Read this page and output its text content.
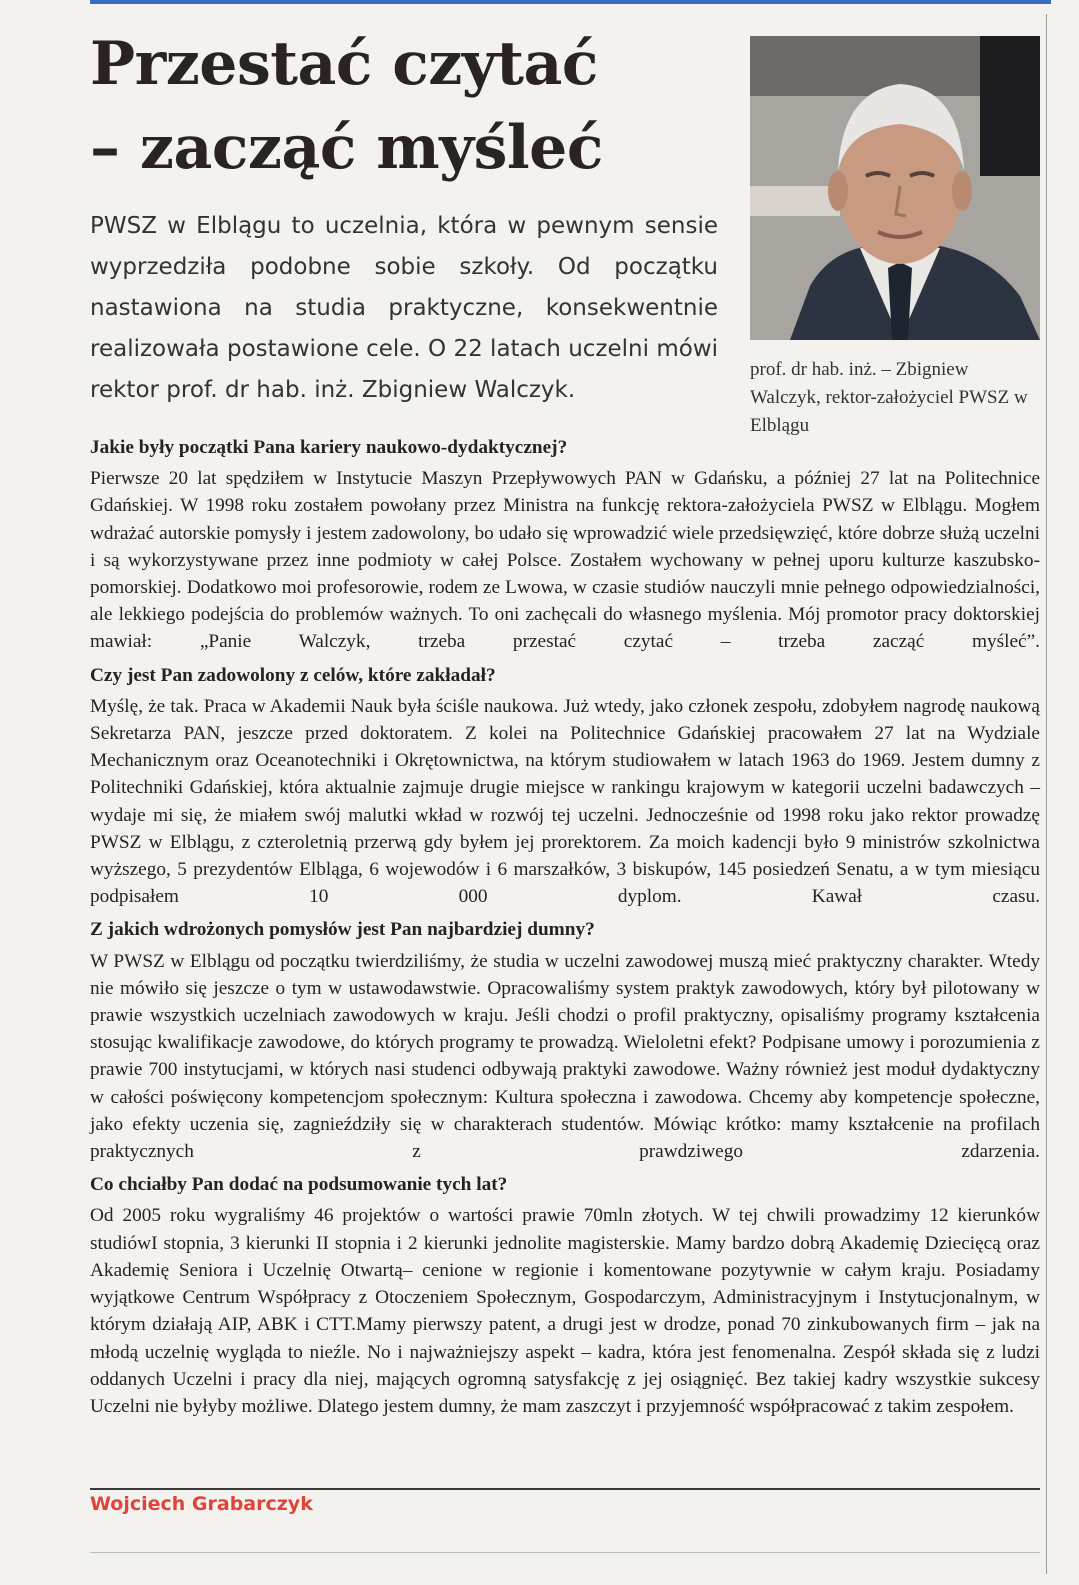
Przestać czytać
– zacząć myśleć

PWSZ w Elblągu to uczelnia, która w pewnym sensie wyprzedziła podobne sobie szkoły. Od początku nastawiona na studia praktyczne, konsekwentnie realizowała postawione cele. O 22 latach uczelni mówi rektor prof. dr hab. inż. Zbigniew Walczyk.

prof. dr hab. inż. – Zbigniew Walczyk, rektor-założyciel PWSZ w Elblągu
Jakie były początki Pana kariery naukowo-dydaktycznej?

Pierwsze 20 lat spędziłem w Instytucie Maszyn Przepływowych PAN w Gdańsku, a później 27 lat na Politechnice Gdańskiej. W 1998 roku zostałem powołany przez Ministra na funkcję rektora-założyciela PWSZ w Elblągu. Mogłem wdrażać autorskie pomysły i jestem zadowolony, bo udało się wprowadzić wiele przedsięwzięć, które dobrze służą uczelni i są wykorzystywane przez inne podmioty w całej Polsce. Zostałem wychowany w pełnej uporu kulturze kaszubsko-pomorskiej. Dodatkowo moi profesorowie, rodem ze Lwowa, w czasie studiów nauczyli mnie pełnego odpowiedzialności, ale lekkiego podejścia do problemów ważnych. To oni zachęcali do własnego myślenia. Mój promotor pracy doktorskiej mawiał: „Panie Walczyk, trzeba przestać czytać – trzeba zacząć myśleć”.

Czy jest Pan zadowolony z celów, które zakładał?

Myślę, że tak. Praca w Akademii Nauk była ściśle naukowa. Już wtedy, jako członek zespołu, zdobyłem nagrodę naukową Sekretarza PAN, jeszcze przed doktoratem. Z kolei na Politechnice Gdańskiej pracowałem 27 lat na Wydziale Mechanicznym oraz Oceanotechniki i Okrętownictwa, na którym studiowałem w latach 1963 do 1969. Jestem dumny z Politechniki Gdańskiej, która aktualnie zajmuje drugie miejsce w rankingu krajowym w kategorii uczelni badawczych – wydaje mi się, że miałem swój malutki wkład w rozwój tej uczelni. Jednocześnie od 1998 roku jako rektor prowadzę PWSZ w Elblągu, z czteroletnią przerwą gdy byłem jej prorektorem. Za moich kadencji było 9 ministrów szkolnictwa wyższego, 5 prezydentów Elbląga, 6 wojewodów i 6 marszałków, 3 biskupów, 145 posiedzeń Senatu, a w tym miesiącu podpisałem 10 000 dyplom. Kawał czasu.

Z jakich wdrożonych pomysłów jest Pan najbardziej dumny?

W PWSZ w Elblągu od początku twierdziliśmy, że studia w uczelni zawodowej muszą mieć praktyczny charakter. Wtedy nie mówiło się jeszcze o tym w ustawodawstwie. Opracowaliśmy system praktyk zawodowych, który był pilotowany w prawie wszystkich uczelniach zawodowych w kraju. Jeśli chodzi o profil praktyczny, opisaliśmy programy kształcenia stosując kwalifikacje zawodowe, do których programy te prowadzą. Wieloletni efekt? Podpisane umowy i porozumienia z prawie 700 instytucjami, w których nasi studenci odbywają praktyki zawodowe. Ważny również jest moduł dydaktyczny w całości poświęcony kompetencjom społecznym: Kultura społeczna i zawodowa. Chcemy aby kompetencje społeczne, jako efekty uczenia się, zagnieździły się w charakterach studentów. Mówiąc krótko: mamy kształcenie na profilach praktycznych z prawdziwego zdarzenia.

Co chciałby Pan dodać na podsumowanie tych lat?

Od 2005 roku wygraliśmy 46 projektów o wartości prawie 70mln złotych. W tej chwili prowadzimy 12 kierunków studiówI stopnia, 3 kierunki II stopnia i 2 kierunki jednolite magisterskie. Mamy bardzo dobrą Akademię Dziecięcą oraz Akademię Seniora i Uczelnię Otwartą– cenione w regionie i komentowane pozytywnie w całym kraju. Posiadamy wyjątkowe Centrum Współpracy z Otoczeniem Społecznym, Gospodarczym, Administracyjnym i Instytucjonalnym, w którym działają AIP, ABK i CTT.Mamy pierwszy patent, a drugi jest w drodze, ponad 70 zinkubowanych firm – jak na młodą uczelnię wygląda to nieźle. No i najważniejszy aspekt – kadra, która jest fenomenalna. Zespół składa się z ludzi oddanych Uczelni i pracy dla niej, mających ogromną satysfakcję z jej osiągnięć. Bez takiej kadry wszystkie sukcesy Uczelni nie byłyby możliwe. Dlatego jestem dumny, że mam zaszczyt i przyjemność współpracować z takim zespołem.

Wojciech Grabarczyk
